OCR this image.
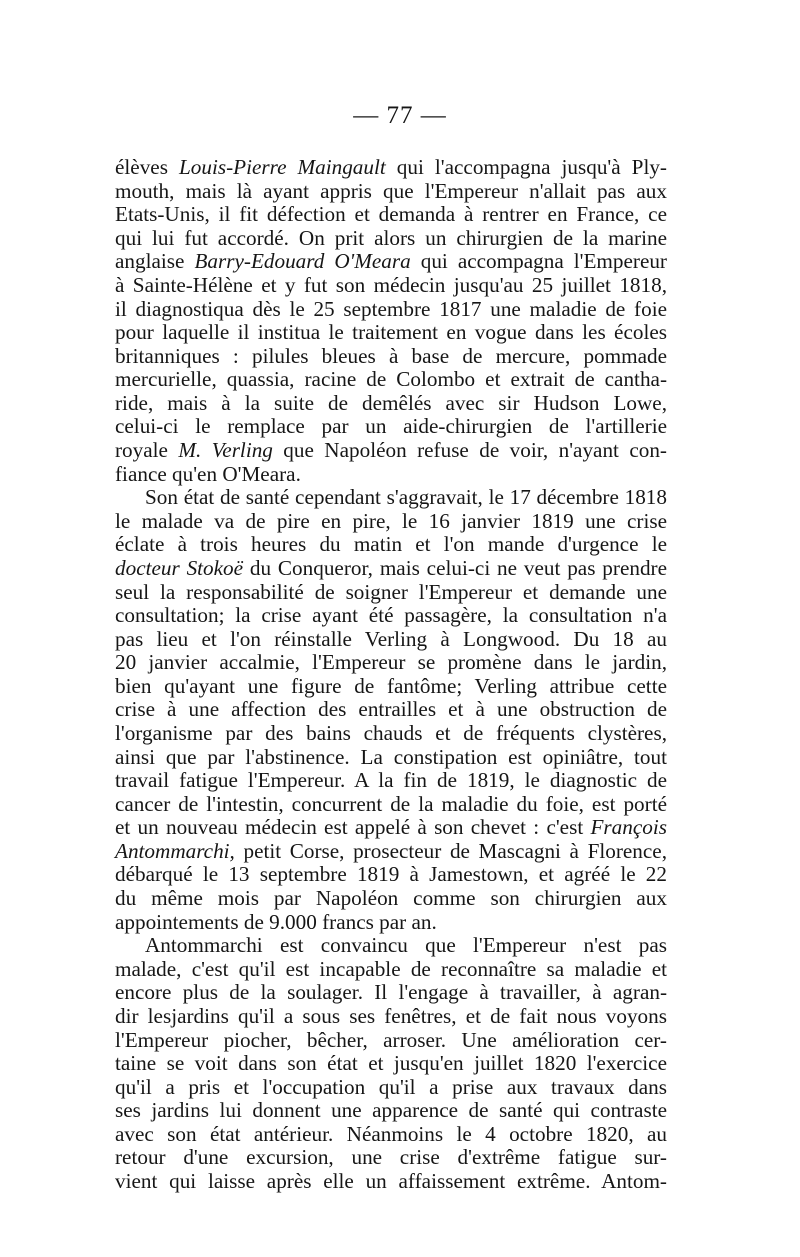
— 77 —
élèves Louis-Pierre Maingault qui l'accompagna jusqu'à Ply-
mouth, mais là ayant appris que l'Empereur n'allait pas aux
Etats-Unis, il fit défection et demanda à rentrer en France, ce
qui lui fut accordé. On prit alors un chirurgien de la marine
anglaise Barry-Edouard O'Meara qui accompagna l'Empereur
à Sainte-Hélène et y fut son médecin jusqu'au 25 juillet 1818,
il diagnostiqua dès le 25 septembre 1817 une maladie de foie
pour laquelle il institua le traitement en vogue dans les écoles
britanniques : pilules bleues à base de mercure, pommade
mercurielle, quassia, racine de Colombo et extrait de cantha-
ride, mais à la suite de demêlés avec sir Hudson Lowe,
celui-ci le remplace par un aide-chirurgien de l'artillerie
royale M. Verling que Napoléon refuse de voir, n'ayant con-
fiance qu'en O'Meara.
Son état de santé cependant s'aggravait, le 17 décembre 1818
le malade va de pire en pire, le 16 janvier 1819 une crise
éclate à trois heures du matin et l'on mande d'urgence le
docteur Stokoë du Conqueror, mais celui-ci ne veut pas prendre
seul la responsabilité de soigner l'Empereur et demande une
consultation; la crise ayant été passagère, la consultation n'a
pas lieu et l'on réinstalle Verling à Longwood. Du 18 au
20 janvier accalmie, l'Empereur se promène dans le jardin,
bien qu'ayant une figure de fantôme; Verling attribue cette
crise à une affection des entrailles et à une obstruction de
l'organisme par des bains chauds et de fréquents clystères,
ainsi que par l'abstinence. La constipation est opiniâtre, tout
travail fatigue l'Empereur. A la fin de 1819, le diagnostic de
cancer de l'intestin, concurrent de la maladie du foie, est porté
et un nouveau médecin est appelé à son chevet : c'est François
Antommarchi, petit Corse, prosecteur de Mascagni à Florence,
débarqué le 13 septembre 1819 à Jamestown, et agréé le 22
du même mois par Napoléon comme son chirurgien aux
appointements de 9.000 francs par an.
Antommarchi est convaincu que l'Empereur n'est pas
malade, c'est qu'il est incapable de reconnaître sa maladie et
encore plus de la soulager. Il l'engage à travailler, à agran-
dir lesjardins qu'il a sous ses fenêtres, et de fait nous voyons
l'Empereur piocher, bêcher, arroser. Une amélioration cer-
taine se voit dans son état et jusqu'en juillet 1820 l'exercice
qu'il a pris et l'occupation qu'il a prise aux travaux dans
ses jardins lui donnent une apparence de santé qui contraste
avec son état antérieur. Néanmoins le 4 octobre 1820, au
retour d'une excursion, une crise d'extrême fatigue sur-
vient qui laisse après elle un affaissement extrême. Antom-
